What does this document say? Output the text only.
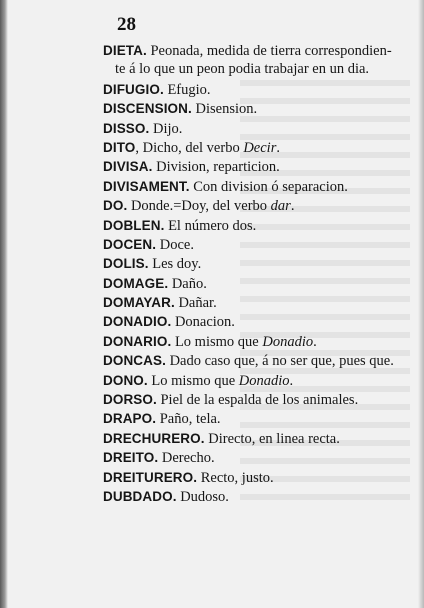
28
DIETA. Peonada, medida de tierra correspondien-
te á lo que un peon podia trabajar en un dia.
DIFUGIO. Efugio.
DISCENSION. Disension.
DISSO. Dijo.
DITO, Dicho, del verbo Decir.
DIVISA. Division, reparticion.
DIVISAMENT. Con division ó separacion.
DO. Donde.=Doy, del verbo dar.
DOBLEN. El número dos.
DOCEN. Doce.
DOLIS. Les doy.
DOMAGE. Daño.
DOMAYAR. Dañar.
DONADIO. Donacion.
DONARIO. Lo mismo que Donadio.
DONCAS. Dado caso que, á no ser que, pues que.
DONO. Lo mismo que Donadio.
DORSO. Piel de la espalda de los animales.
DRAPO. Paño, tela.
DRECHURERO. Directo, en linea recta.
DREITO. Derecho.
DREITURERO. Recto, justo.
DUBDADO. Dudoso.
